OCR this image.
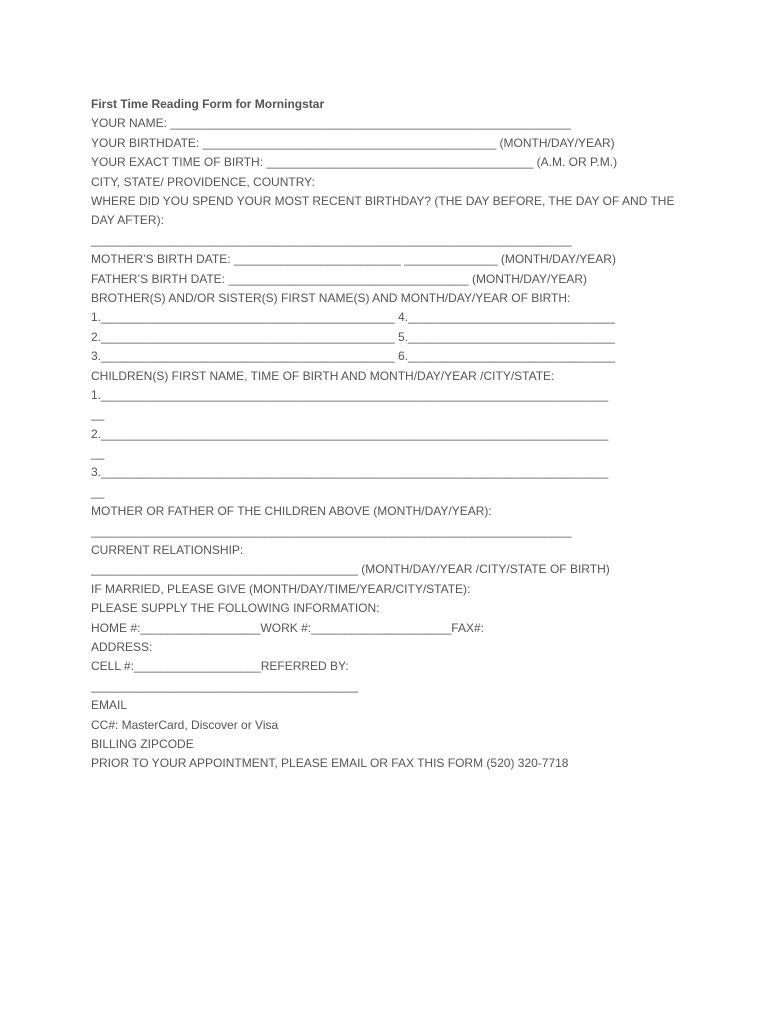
First Time Reading Form for Morningstar
YOUR NAME: ____________________________________________________________
YOUR BIRTHDATE: ____________________________________________ (MONTH/DAY/YEAR)
YOUR EXACT TIME OF BIRTH: ________________________________________ (A.M. OR P.M.)
CITY, STATE/ PROVIDENCE, COUNTRY:
WHERE DID YOU SPEND YOUR MOST RECENT BIRTHDAY? (THE DAY BEFORE, THE DAY OF AND THE DAY AFTER):
________________________________________________________________________
MOTHER’S BIRTH DATE: _________________________ ______________ (MONTH/DAY/YEAR)
FATHER’S BIRTH DATE: ____________________________________ (MONTH/DAY/YEAR)
BROTHER(S) AND/OR SISTER(S) FIRST NAME(S) AND MONTH/DAY/YEAR OF BIRTH:
1.____________________________________________ 4._______________________________
2.____________________________________________ 5._______________________________
3.____________________________________________ 6._______________________________
CHILDREN(S) FIRST NAME, TIME OF BIRTH AND MONTH/DAY/YEAR /CITY/STATE:
1.____________________________________________________________________________
__
2.____________________________________________________________________________
__
3.____________________________________________________________________________
__
MOTHER OR FATHER OF THE CHILDREN ABOVE (MONTH/DAY/YEAR):
________________________________________________________________________
CURRENT RELATIONSHIP:
________________________________________ (MONTH/DAY/YEAR /CITY/STATE OF BIRTH)
IF MARRIED, PLEASE GIVE (MONTH/DAY/TIME/YEAR/CITY/STATE):
PLEASE SUPPLY THE FOLLOWING INFORMATION:
HOME #:__________________WORK #:_____________________FAX#:
ADDRESS:
CELL #:___________________REFERRED BY:
________________________________________
EMAIL
CC#: MasterCard, Discover or Visa
BILLING ZIPCODE
PRIOR TO YOUR APPOINTMENT, PLEASE EMAIL OR FAX THIS FORM (520) 320-7718
